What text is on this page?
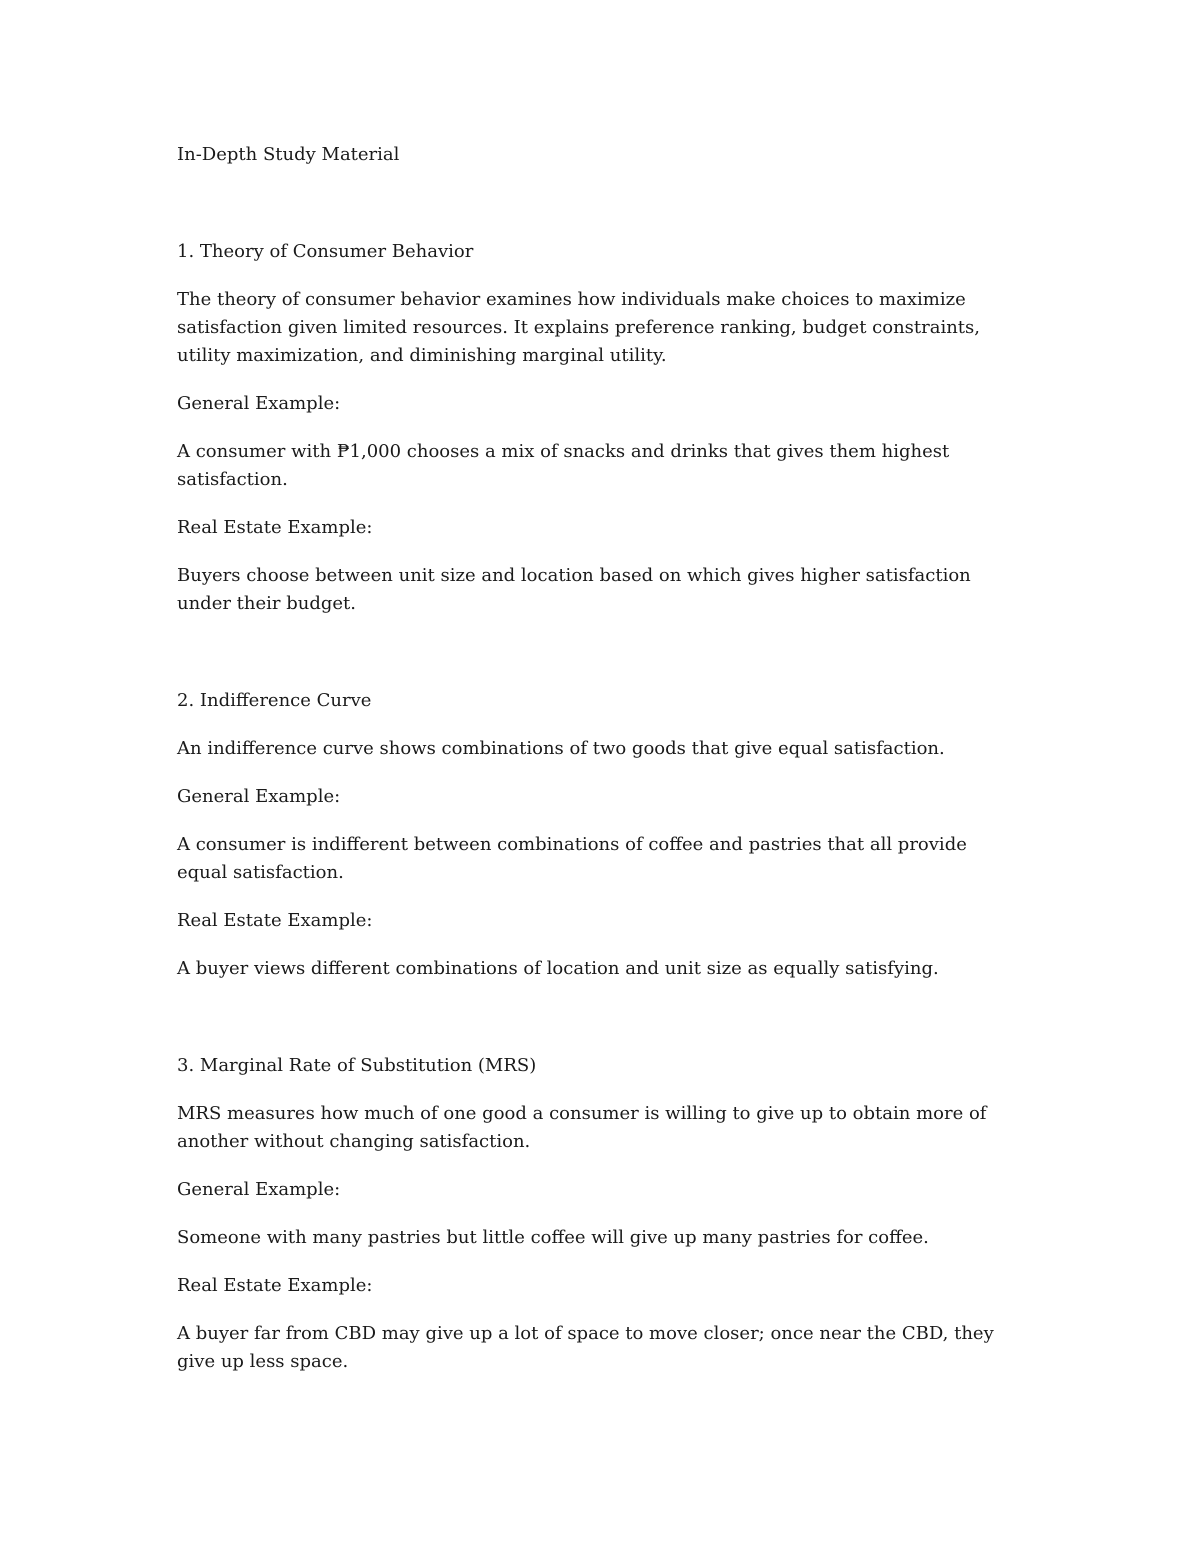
In-Depth Study Material

1. Theory of Consumer Behavior

The theory of consumer behavior examines how individuals make choices to maximize satisfaction given limited resources. It explains preference ranking, budget constraints, utility maximization, and diminishing marginal utility.

General Example:

A consumer with ₱1,000 chooses a mix of snacks and drinks that gives them highest satisfaction.

Real Estate Example:

Buyers choose between unit size and location based on which gives higher satisfaction under their budget.

2. Indifference Curve

An indifference curve shows combinations of two goods that give equal satisfaction.

General Example:

A consumer is indifferent between combinations of coffee and pastries that all provide equal satisfaction.

Real Estate Example:

A buyer views different combinations of location and unit size as equally satisfying.

3. Marginal Rate of Substitution (MRS)

MRS measures how much of one good a consumer is willing to give up to obtain more of another without changing satisfaction.

General Example:

Someone with many pastries but little coffee will give up many pastries for coffee.

Real Estate Example:

A buyer far from CBD may give up a lot of space to move closer; once near the CBD, they give up less space.
